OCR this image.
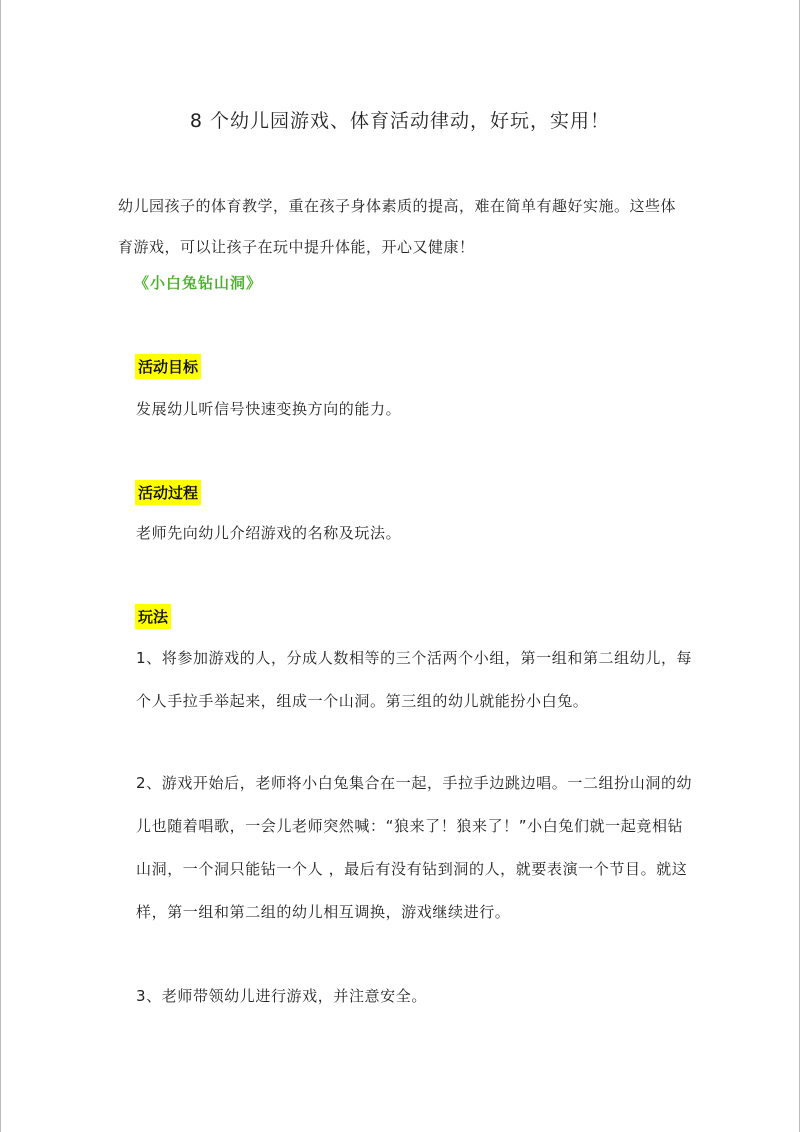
8 个幼儿园游戏、体育活动律动，好玩，实用！
幼儿园孩子的体育教学，重在孩子身体素质的提高，难在简单有趣好实施。这些体育游戏，可以让孩子在玩中提升体能，开心又健康！
《小白兔钻山洞》
活动目标
发展幼儿听信号快速变换方向的能力。
活动过程
老师先向幼儿介绍游戏的名称及玩法。
玩法
1、将参加游戏的人，分成人数相等的三个活两个小组，第一组和第二组幼儿，每个人手拉手举起来，组成一个山洞。第三组的幼儿就能扮小白兔。
2、游戏开始后，老师将小白兔集合在一起，手拉手边跳边唱。一二组扮山洞的幼儿也随着唱歌，一会儿老师突然喊：“狼来了！狼来了！”小白兔们就一起竟相钻山洞，一个洞只能钻一个人 ，最后有没有钻到洞的人，就要表演一个节目。就这样，第一组和第二组的幼儿相互调换，游戏继续进行。
3、老师带领幼儿进行游戏，并注意安全。
